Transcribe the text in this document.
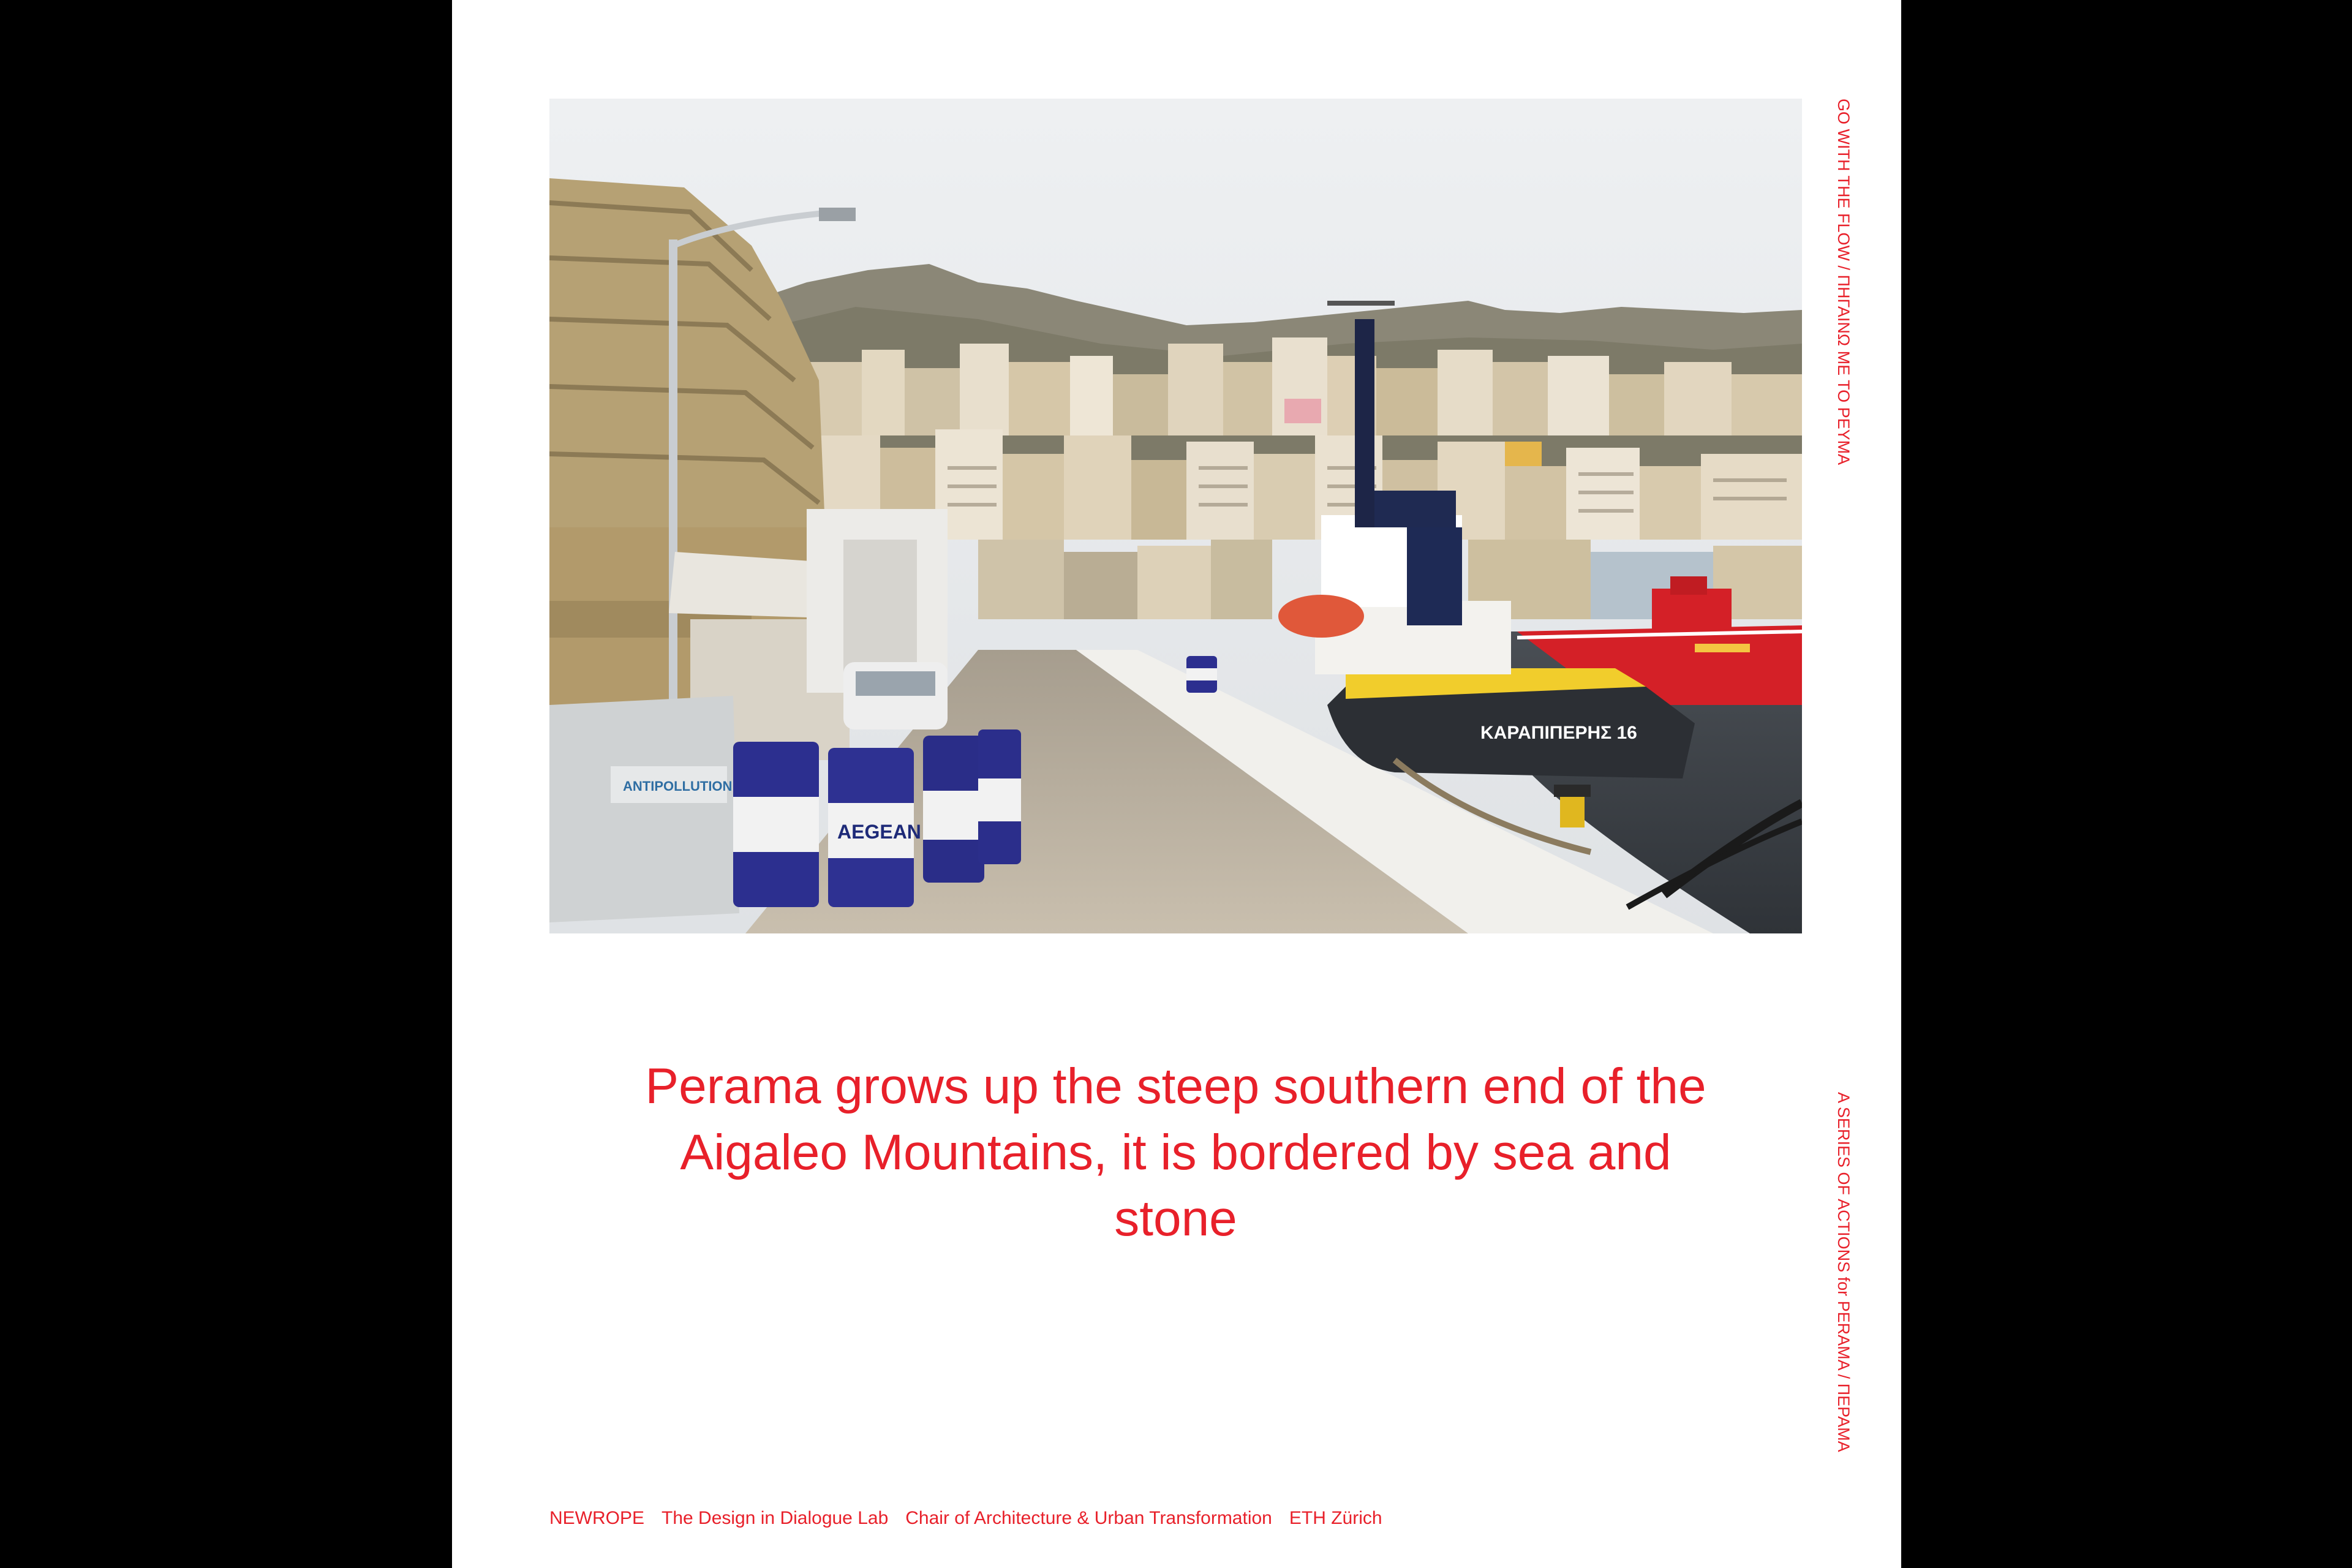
ΚΑΡΑΠΙΠΕΡΗΣ 16
ANTIPOLLUTION
AEGEAN
Perama grows up the steep southern end of the Aigaleo Mountains, it is bordered by sea and stone
GO WITH THE FLOW / ΠΗΓΑΙΝΩ ΜΕ ΤΟ ΡΕΥΜΑ
A SERIES OF ACTIONS for PERAMA / ΠΕΡΑΜΑ
NEWROPE The Design in Dialogue Lab Chair of Architecture & Urban Transformation ETH Zürich
